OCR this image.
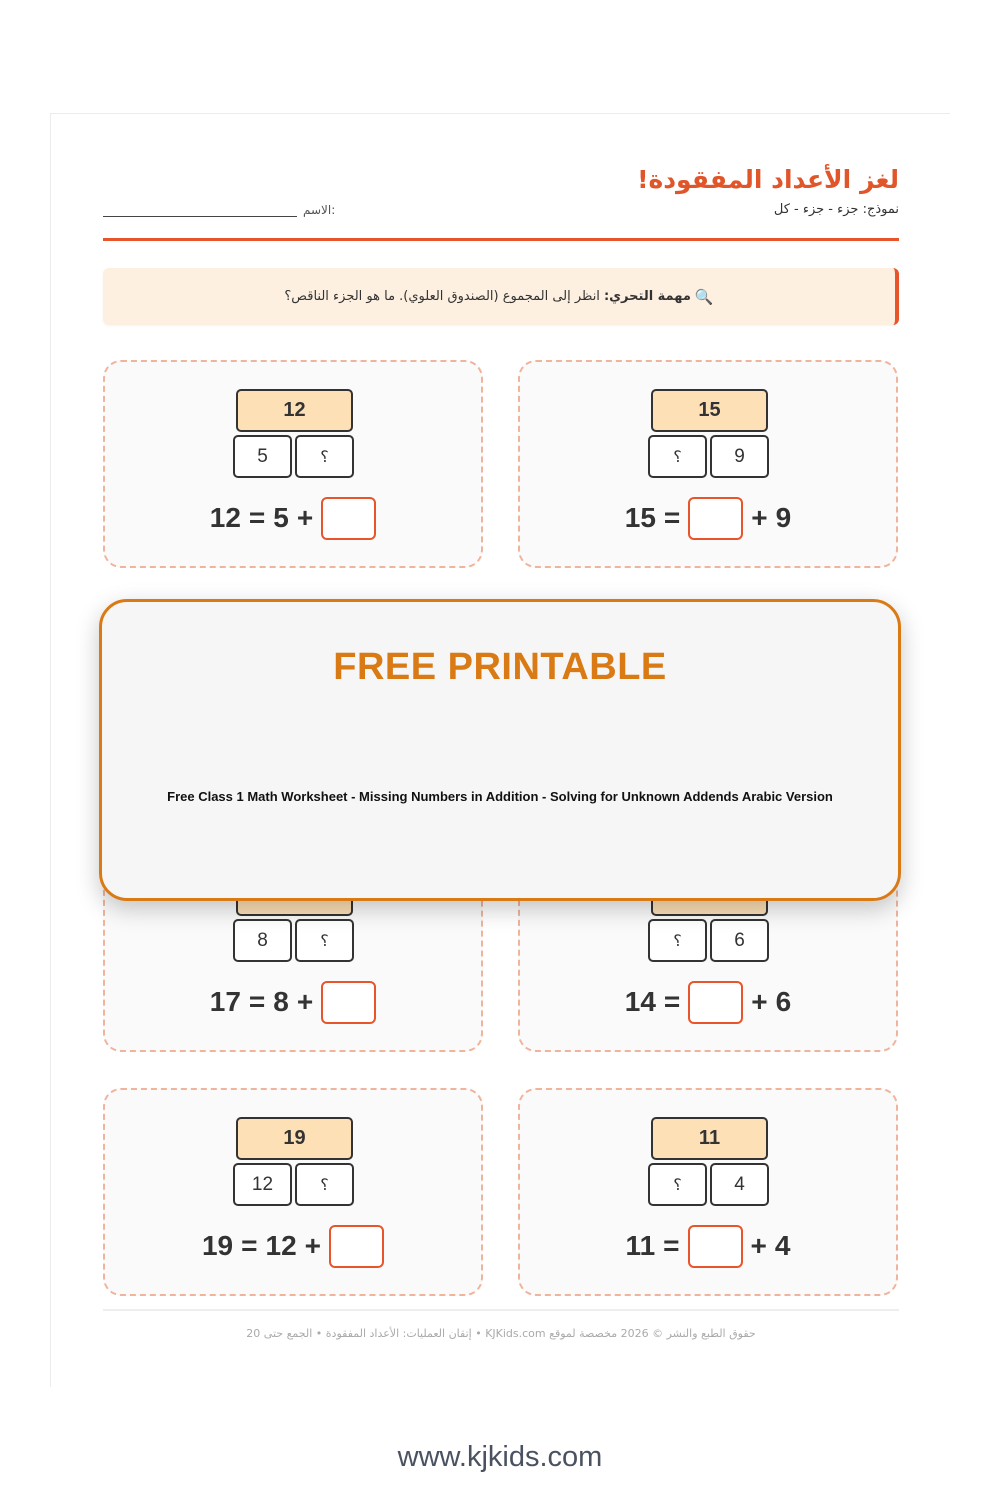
لغز الأعداد المفقودة!
نموذج: جزء - جزء - كل
الاسم:
🔍
مهمة التحري:
انظر إلى المجموع (الصندوق العلوي). ما هو الجزء الناقص؟
12
5	؟
12 = 5 +
15
؟	9
15 =	+ 9
8	؟
17 = 8 +
؟	6
14 =	+ 6
19
12	؟
19 = 12 +
11
؟	4
11 =	+ 4
حقوق الطبع والنشر © 2026 مخصصة لموقع KJKids.com • إتقان العمليات: الأعداد المفقودة • الجمع حتى 20
FREE PRINTABLE
Free Class 1 Math Worksheet - Missing Numbers in Addition - Solving for Unknown Addends Arabic Version
www.kjkids.com
